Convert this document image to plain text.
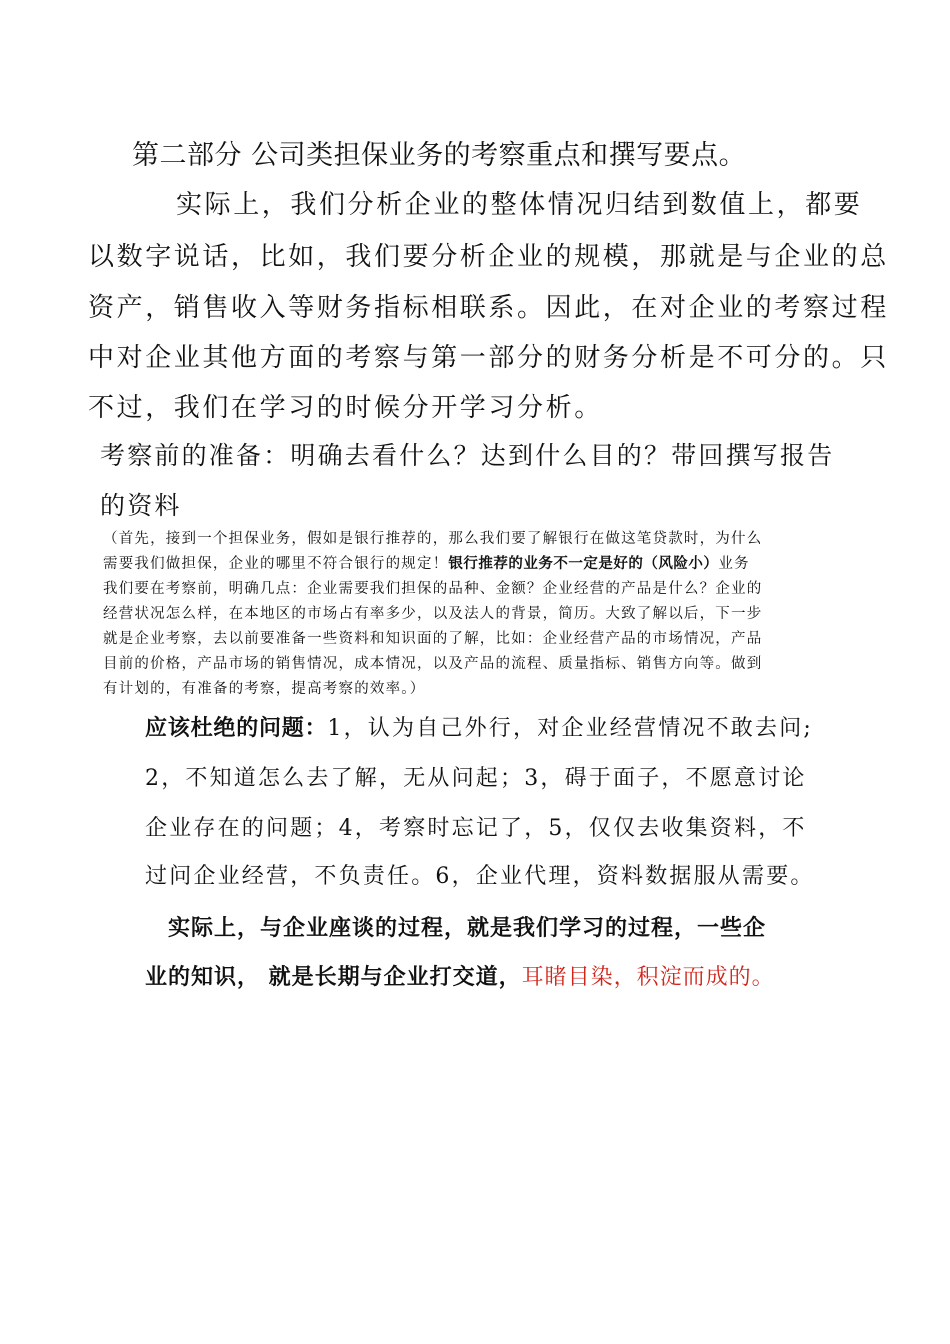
第二部分 公司类担保业务的考察重点和撰写要点。
实际上，我们分析企业的整体情况归结到数值上，都要
以数字说话，比如，我们要分析企业的规模，那就是与企业的总
资产，销售收入等财务指标相联系。因此，在对企业的考察过程
中对企业其他方面的考察与第一部分的财务分析是不可分的。只
不过，我们在学习的时候分开学习分析。
考察前的准备：明确去看什么？达到什么目的？带回撰写报告
的资料
（首先，接到一个担保业务，假如是银行推荐的，那么我们要了解银行在做这笔贷款时，为什么
需要我们做担保，企业的哪里不符合银行的规定！银行推荐的业务不一定是好的（风险小）业务
我们要在考察前，明确几点：企业需要我们担保的品种、金额？企业经营的产品是什么？企业的
经营状况怎么样，在本地区的市场占有率多少，以及法人的背景，简历。大致了解以后，下一步
就是企业考察，去以前要准备一些资料和知识面的了解，比如：企业经营产品的市场情况，产品
目前的价格，产品市场的销售情况，成本情况，以及产品的流程、质量指标、销售方向等。做到
有计划的，有准备的考察，提高考察的效率。）
应该杜绝的问题：1，认为自己外行，对企业经营情况不敢去问;
2，不知道怎么去了解，无从问起；3，碍于面子，不愿意讨论
企业存在的问题；4，考察时忘记了，5，仅仅去收集资料，不
过问企业经营，不负责任。6，企业代理，资料数据服从需要。
实际上，与企业座谈的过程，就是我们学习的过程，一些企
业的知识， 就是长期与企业打交道，耳睹目染，积淀而成的。
